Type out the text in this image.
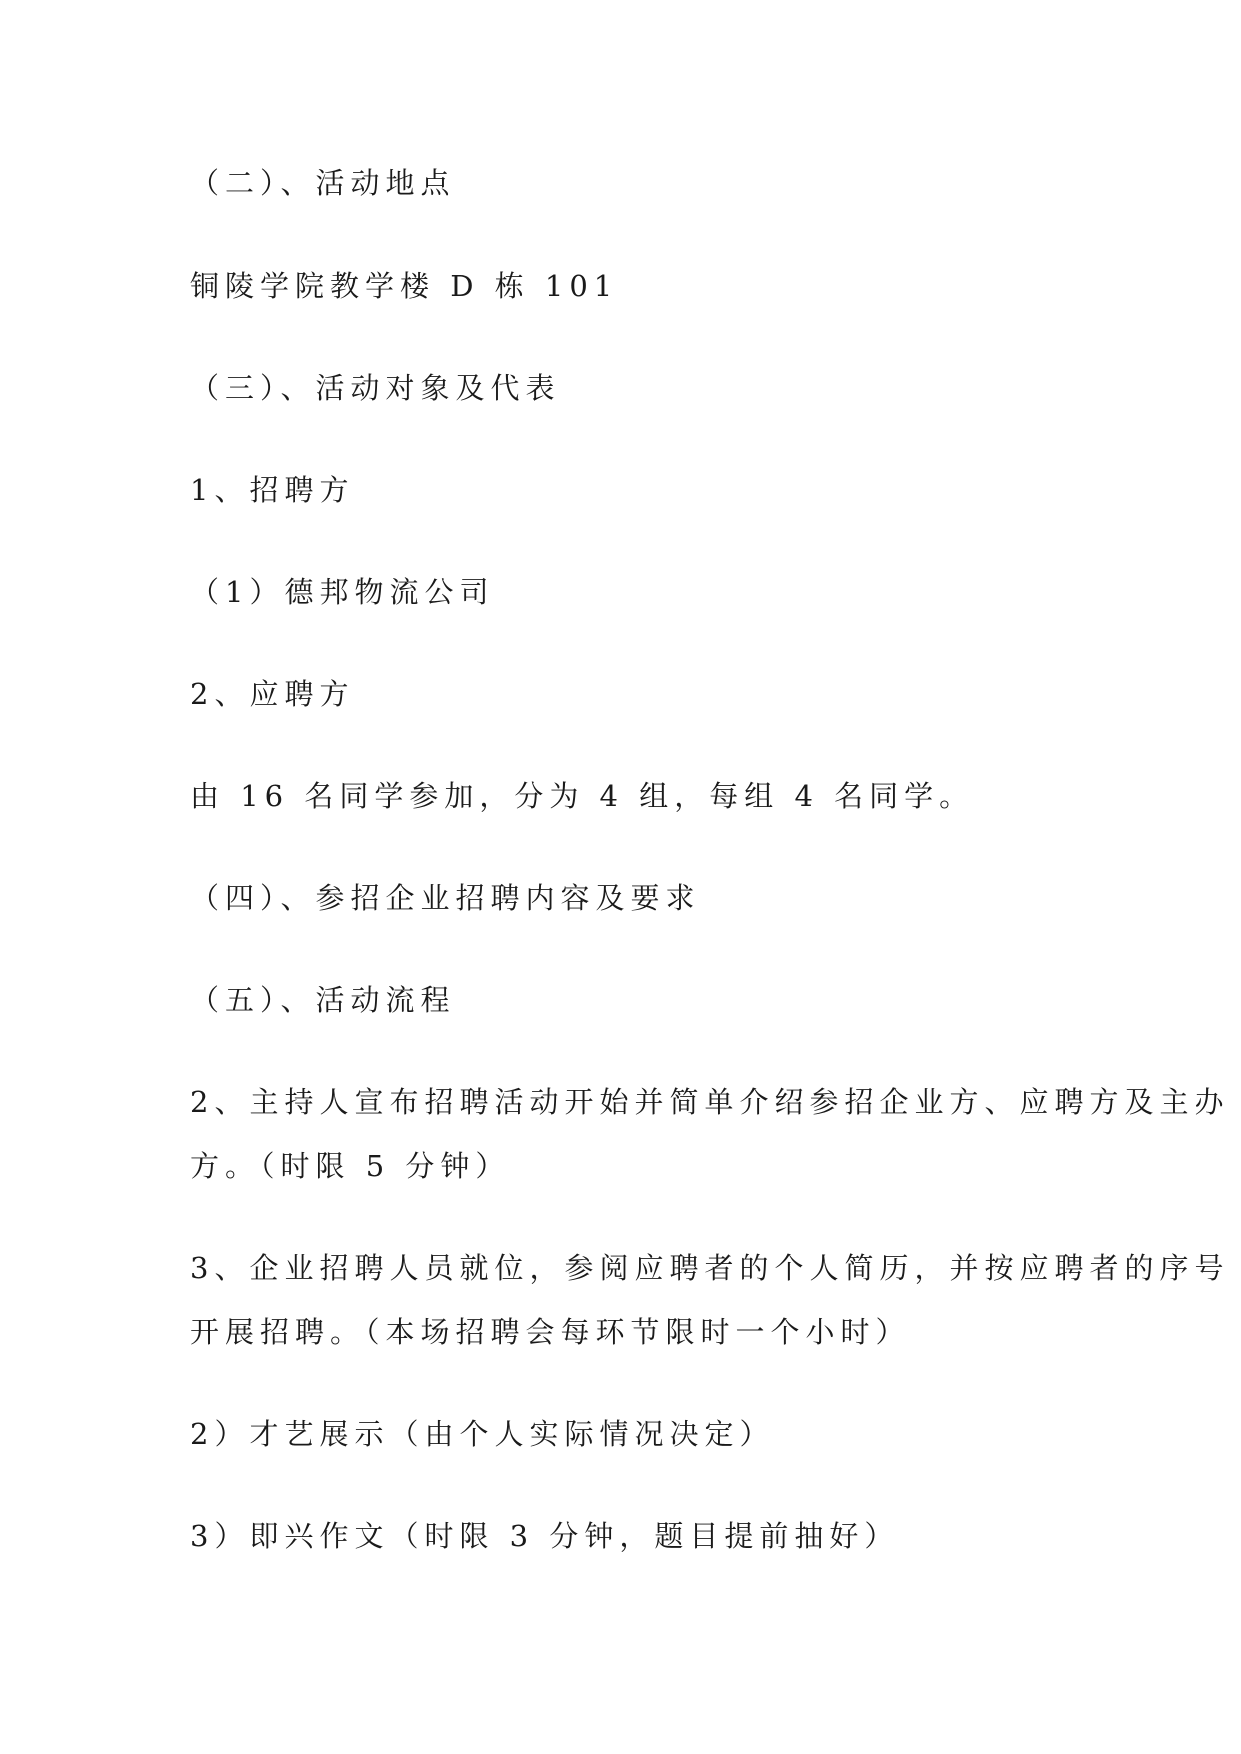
（二）、活动地点
铜陵学院教学楼 D 栋 101
（三）、活动对象及代表
1、招聘方
（1）德邦物流公司
2、应聘方
由 16 名同学参加，分为 4 组，每组 4 名同学。
（四）、参招企业招聘内容及要求
（五）、活动流程
2、主持人宣布招聘活动开始并简单介绍参招企业方、应聘方及主办
方。（时限 5 分钟）
3、企业招聘人员就位，参阅应聘者的个人简历，并按应聘者的序号
开展招聘。（本场招聘会每环节限时一个小时）
2）才艺展示（由个人实际情况决定）
3）即兴作文（时限 3 分钟，题目提前抽好）
